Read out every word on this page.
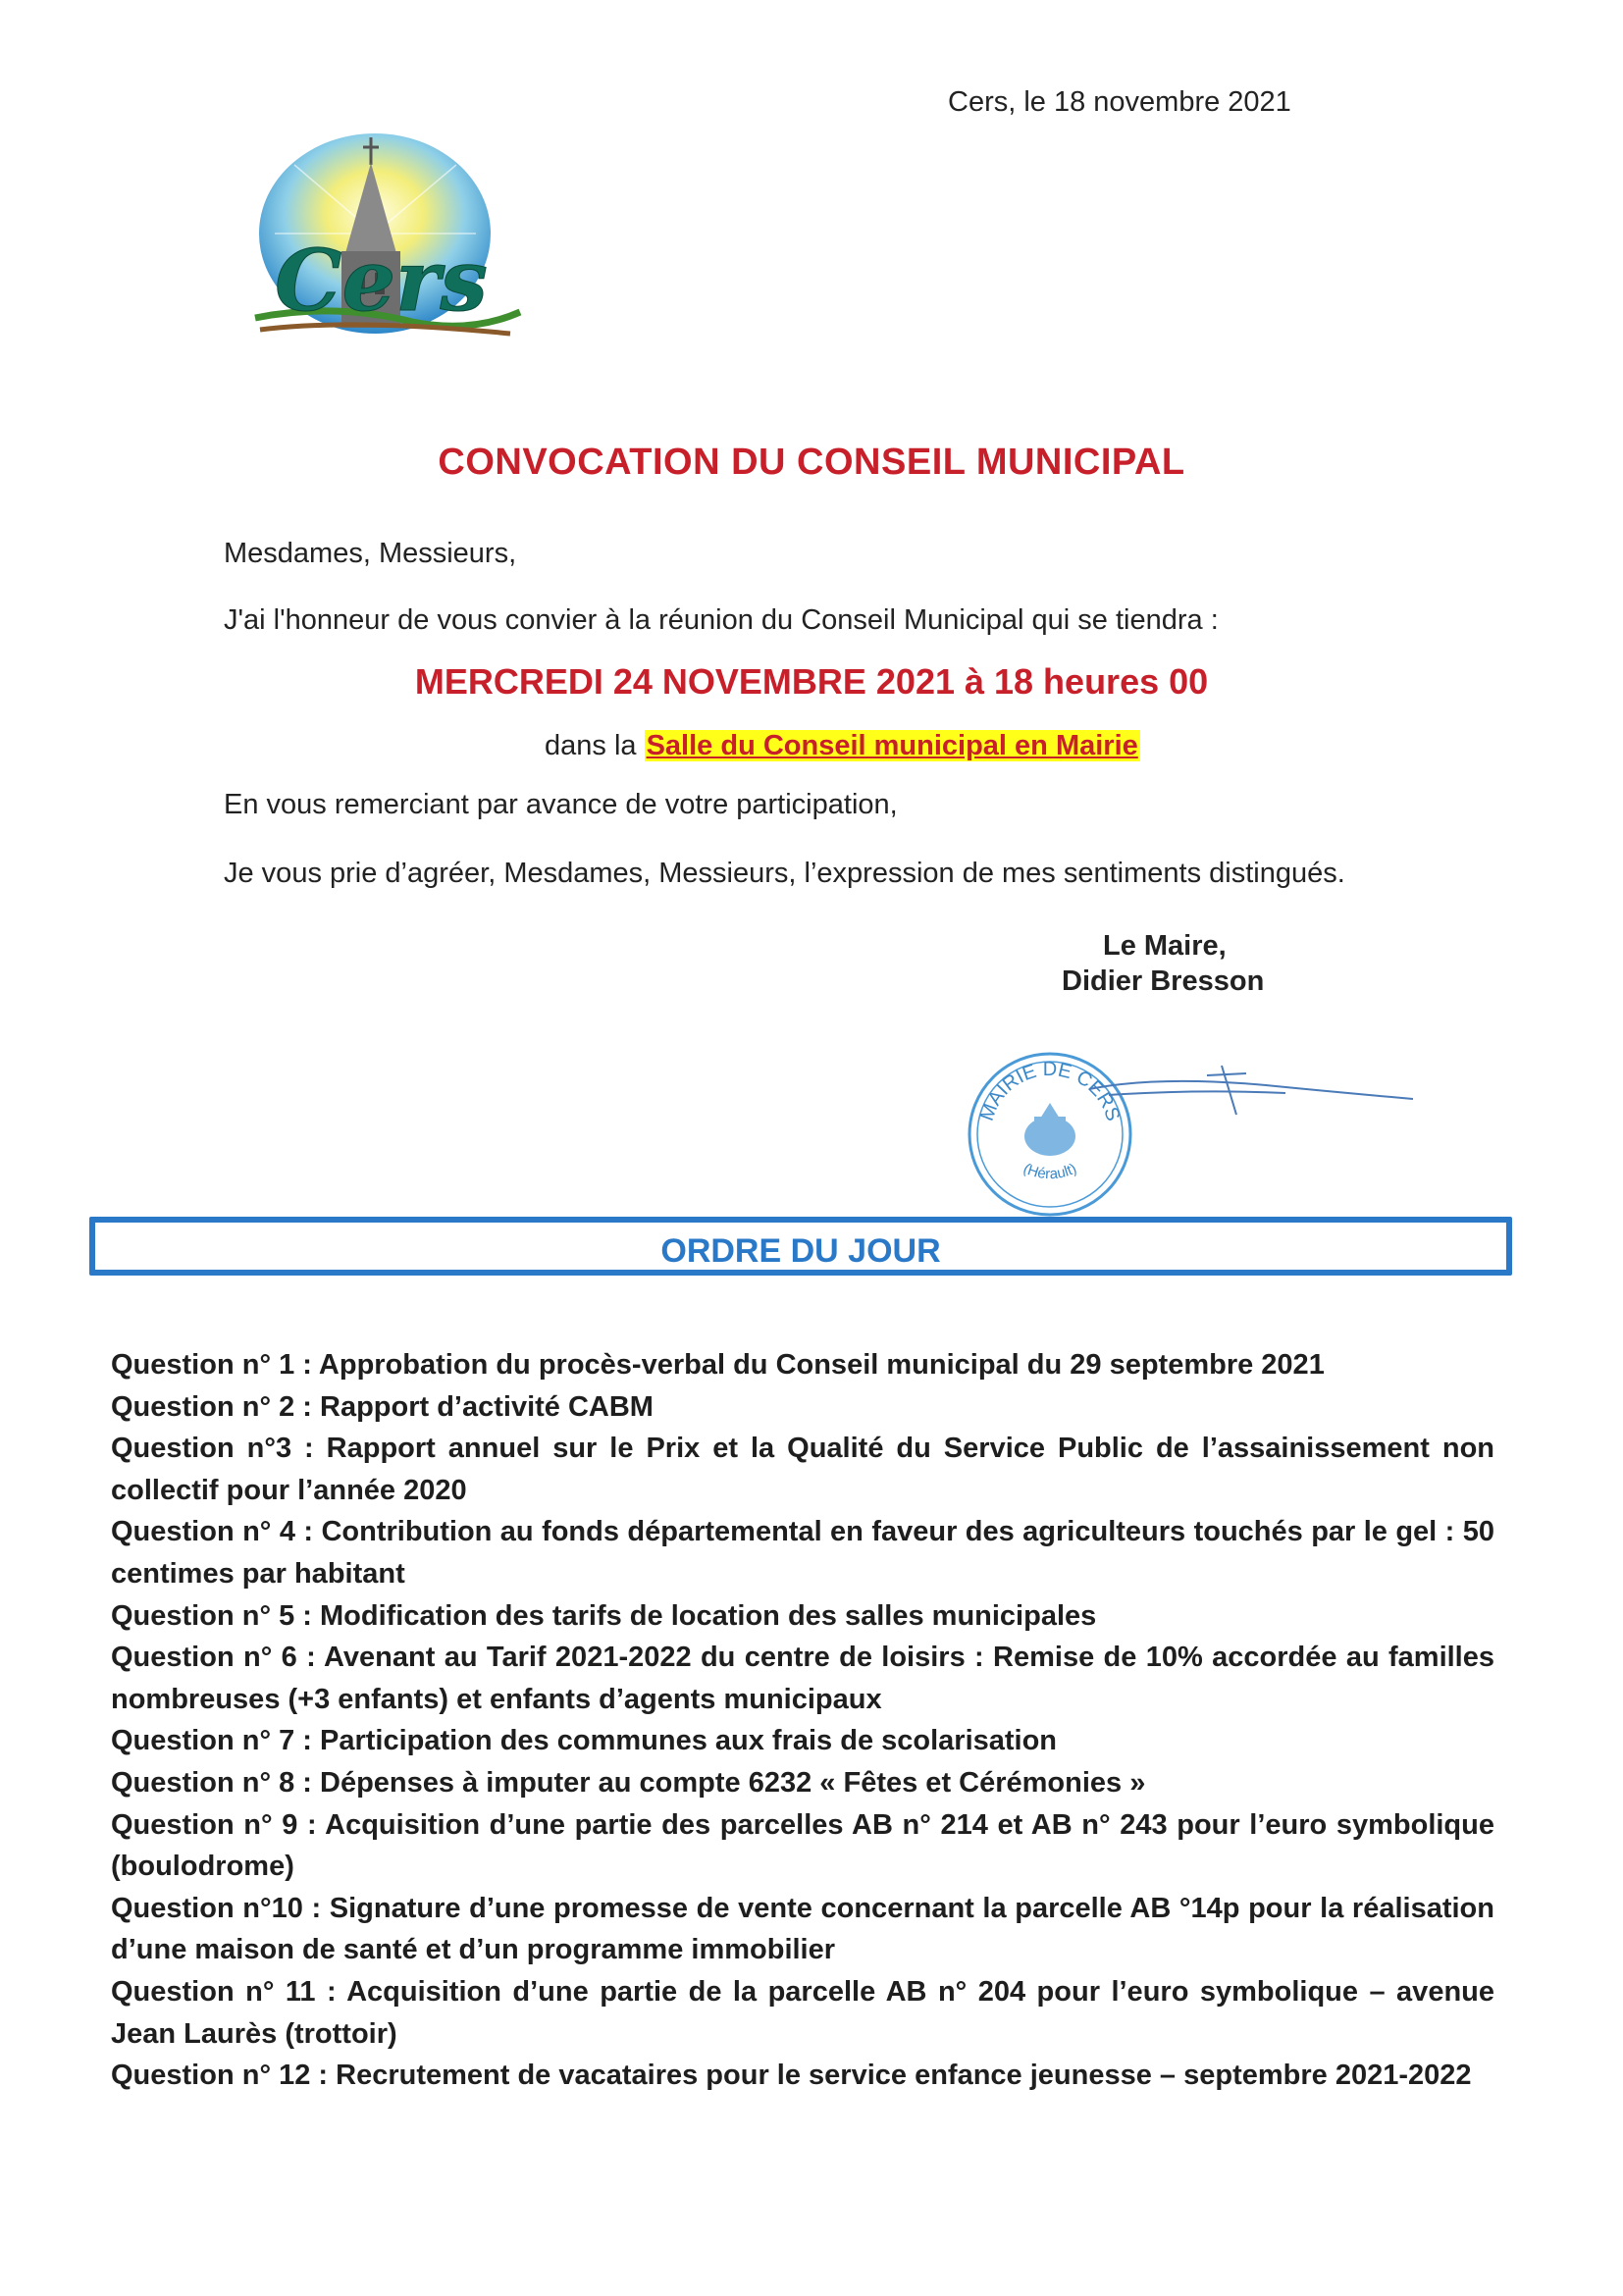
Cers, le 18 novembre 2021
Cers
CONVOCATION DU CONSEIL MUNICIPAL
Mesdames, Messieurs,
J'ai l'honneur de vous convier à la réunion du Conseil Municipal qui se tiendra :
MERCREDI 24 NOVEMBRE 2021 à 18 heures 00
dans la Salle du Conseil municipal en Mairie
En vous remerciant par avance de votre participation,
Je vous prie d’agréer, Mesdames, Messieurs, l’expression de mes sentiments distingués.
Le Maire,
Didier Bresson
MAIRIE DE CERS
(Hérault)
ORDRE DU JOUR
Question n° 1 : Approbation du procès-verbal du Conseil municipal du 29 septembre 2021
Question n° 2 : Rapport d’activité CABM
Question n°3 : Rapport annuel sur le Prix et la Qualité du Service Public de l’assainissement non collectif pour l’année 2020
Question n° 4 : Contribution au fonds départemental en faveur des agriculteurs touchés par le gel : 50 centimes par habitant
Question n° 5 : Modification des tarifs de location des salles municipales
Question n° 6 : Avenant au Tarif 2021-2022 du centre de loisirs : Remise de 10% accordée au familles nombreuses (+3 enfants) et enfants d’agents municipaux
Question n° 7 : Participation des communes aux frais de scolarisation
Question n° 8 : Dépenses à imputer au compte 6232 « Fêtes et Cérémonies »
Question n° 9 : Acquisition d’une partie des parcelles AB n° 214 et AB n° 243 pour l’euro symbolique (boulodrome)
Question n°10 : Signature d’une promesse de vente concernant la parcelle AB °14p pour la réalisation d’une maison de santé et d’un programme immobilier
Question n° 11 : Acquisition d’une partie de la parcelle AB n° 204 pour l’euro symbolique – avenue Jean Laurès (trottoir)
Question n° 12 : Recrutement de vacataires pour le service enfance jeunesse – septembre 2021-2022
